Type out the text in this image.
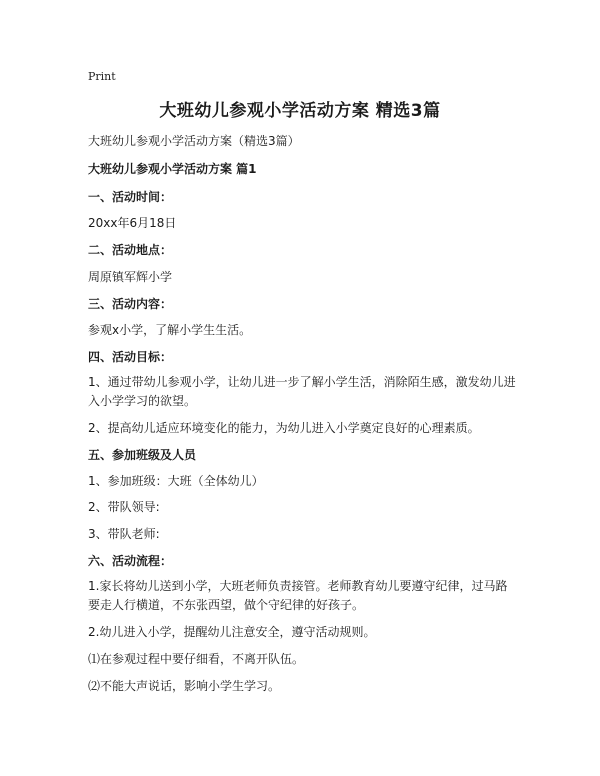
Print
大班幼儿参观小学活动方案 精选3篇
大班幼儿参观小学活动方案（精选3篇）
大班幼儿参观小学活动方案 篇1
一、活动时间：
20xx年6月18日
二、活动地点：
周原镇军辉小学
三、活动内容：
参观x小学，了解小学生生活。
四、活动目标：
1、通过带幼儿参观小学，让幼儿进一步了解小学生活，消除陌生感，激发幼儿进入小学学习的欲望。
2、提高幼儿适应环境变化的能力，为幼儿进入小学奠定良好的心理素质。
五、参加班级及人员
1、参加班级：大班（全体幼儿）
2、带队领导:
3、带队老师:
六、活动流程：
1.家长将幼儿送到小学，大班老师负责接管。老师教育幼儿要遵守纪律，过马路要走人行横道，不东张西望，做个守纪律的好孩子。
2.幼儿进入小学，提醒幼儿注意安全，遵守活动规则。
⑴在参观过程中要仔细看，不离开队伍。
⑵不能大声说话，影响小学生学习。
